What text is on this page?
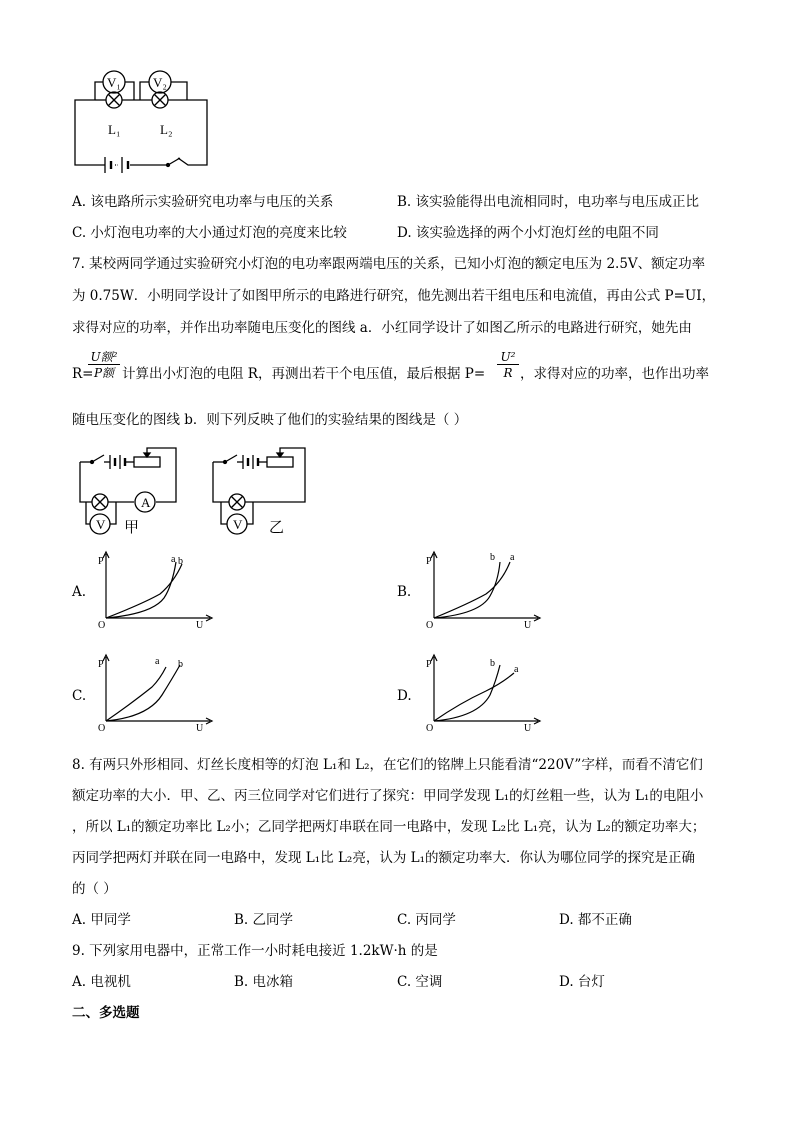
V₁ V₂
L₁	L₂
A. 该电路所示实验研究电功率与电压的关系	B. 该实验能得出电流相同时，电功率与电压成正比
C. 小灯泡电功率的大小通过灯泡的亮度来比较	D. 该实验选择的两个小灯泡灯丝的电阻不同
7. 某校两同学通过实验研究小灯泡的电功率跟两端电压的关系，已知小灯泡的额定电压为 2.5V、额定功率
为 0.75W．小明同学设计了如图甲所示的电路进行研究，他先测出若干组电压和电流值，再由公式 P=UI，
求得对应的功率，并作出功率随电压变化的图线 a．小红同学设计了如图乙所示的电路进行研究，她先由
R=
U额²
P额 计算出小灯泡的电阻 R，再测出若干个电压值，最后根据 $P= \frac{\text{U²}}{R}$ ，求得对应的功率，也作出功率
随电压变化的图线 b．则下列反映了他们的实验结果的图线是（ ）
A
V 甲	V 乙
A.	B.
C.	D.
P
U
O
a b	P
U
O
b a
P
U
O
a b	P
U
O
b
a
8. 有两只外形相同、灯丝长度相等的灯泡 L₁和 L₂，在它们的铭牌上只能看清“220V”字样，而看不清它们
额定功率的大小．甲、乙、丙三位同学对它们进行了探究：甲同学发现 L₁的灯丝粗一些，认为 L₁的电阻小
，所以 L₁的额定功率比 L₂小；乙同学把两灯串联在同一电路中，发现 L₂比 L₁亮，认为 L₂的额定功率大；
丙同学把两灯并联在同一电路中，发现 L₁比 L₂亮，认为 L₁的额定功率大．你认为哪位同学的探究是正确
的（ ）
A. 甲同学	B. 乙同学	C. 丙同学	D. 都不正确
9. 下列家用电器中，正常工作一小时耗电接近 1.2kW·h 的是
A. 电视机	B. 电冰箱	C. 空调	D. 台灯
二、多选题
